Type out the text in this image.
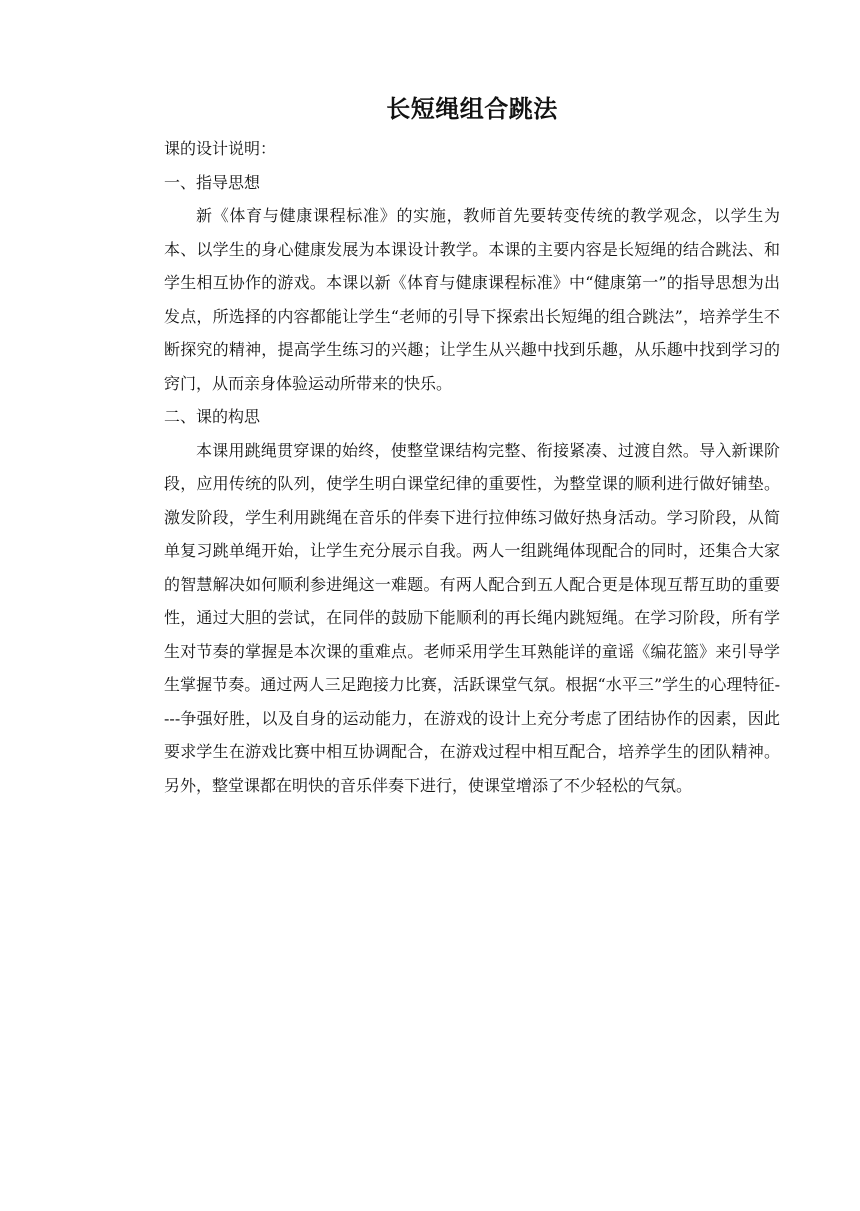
长短绳组合跳法

课的设计说明：

一、指导思想

新《体育与健康课程标准》的实施，教师首先要转变传统的教学观念，以学生为本、以学生的身心健康发展为本课设计教学。本课的主要内容是长短绳的结合跳法、和学生相互协作的游戏。本课以新《体育与健康课程标准》中“健康第一”的指导思想为出发点，所选择的内容都能让学生“老师的引导下探索出长短绳的组合跳法”，培养学生不断探究的精神，提高学生练习的兴趣；让学生从兴趣中找到乐趣，从乐趣中找到学习的窍门，从而亲身体验运动所带来的快乐。

二、课的构思

本课用跳绳贯穿课的始终，使整堂课结构完整、衔接紧凑、过渡自然。导入新课阶段，应用传统的队列，使学生明白课堂纪律的重要性，为整堂课的顺利进行做好铺垫。激发阶段，学生利用跳绳在音乐的伴奏下进行拉伸练习做好热身活动。学习阶段，从简单复习跳单绳开始，让学生充分展示自我。两人一组跳绳体现配合的同时，还集合大家的智慧解决如何顺利参进绳这一难题。有两人配合到五人配合更是体现互帮互助的重要性，通过大胆的尝试，在同伴的鼓励下能顺利的再长绳内跳短绳。在学习阶段，所有学生对节奏的掌握是本次课的重难点。老师采用学生耳熟能详的童谣《编花篮》来引导学生掌握节奏。通过两人三足跑接力比赛，活跃课堂气氛。根据“水平三”学生的心理特征----争强好胜，以及自身的运动能力，在游戏的设计上充分考虑了团结协作的因素，因此要求学生在游戏比赛中相互协调配合，在游戏过程中相互配合，培养学生的团队精神。另外，整堂课都在明快的音乐伴奏下进行，使课堂增添了不少轻松的气氛。
